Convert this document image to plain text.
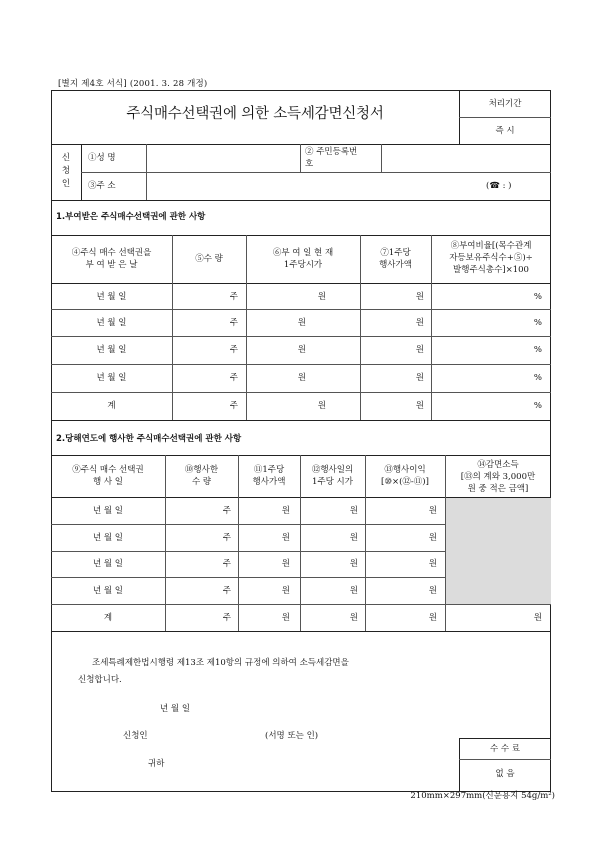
[별지 제4호 서식] (2001. 3. 28 개정)
주식매수선택권에 의한 소득세감면신청서
처리기간
즉 시
신
청
인
①성 명
② 주민등록번
호
③주 소	(☎ : )
1.부여받은 주식매수선택권에 관한 사항
④주식 매수 선택권을
부 여 받 은 날
⑤수 량
⑥부 여 일 현 재
1주당시가
⑦1주당
행사가액
⑧부여비율[(목수관계
자등보유주식수+⑤)÷
발행주식총수]×100
년 월 일	주	원	원	%
년 월 일	주	원	원	%
년 월 일	주	원	원	%
년 월 일	주	원	원	%
계	주	원	원	%
2.당해연도에 행사한 주식매수선택권에 관한 사항
⑨주식 매수 선택권
행 사 일
⑩행사한
수 량
⑪1주당
행사가액
⑫행사일의
1주당 시가
⑬행사이익
[⑩×(⑫-⑪)]
⑭감면소득
[⑬의 계와 3,000만
원 중 적은 금액]
년 월 일	주	원	원	원
년 월 일	주	원	원	원
년 월 일	주	원	원	원
년 월 일	주	원	원	원
계	주	원	원	원	원
조세특례제한법시행령 제13조 제10항의 규정에 의하여 소득세감면을
신청합니다.
년 월 일
신청인	(서명 또는 인)
귀하
수 수 료
없 음
210mm×297mm(신문용지 54g/m²)
